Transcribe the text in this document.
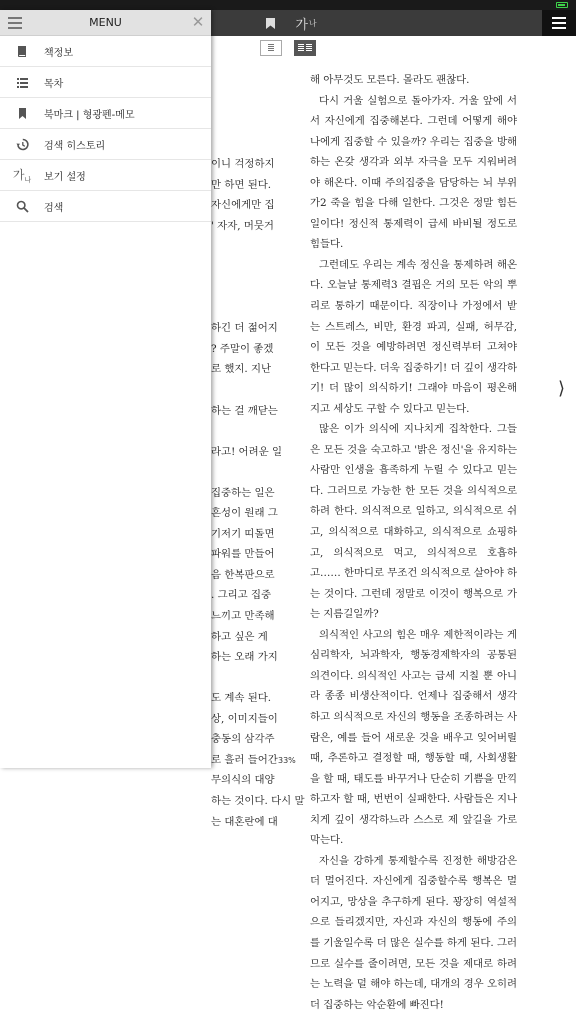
가 나
이니 걱정하지
만 하면 된다.
자신에게만 집
' 자자, 머뭇거
하긴 더 젊어지
? 주말이 좋겠
로 했지. 지난
하는 걸 깨닫는
라고! 어려운 일
집중하는 일은
흔성이 원래 그
기저기 띠돌면
파워를 만들어
음 한복판으로
. 그리고 집중
느끼고 만족해
하고 싶은 게
하는 오래 가지
도 계속 된다.
상, 이미지들이
충동의 삼각주
로 흘러 들어간
무의식의 대양
하는 것이다. 다시 말
는 대혼란에 대

해 아무것도 모른다. 몰라도 괜찮다.

다시 거울 실험으로 돌아가자. 거울 앞에 서서 자신에게 집중해본다. 그런데 어떻게 해야 나에게 집중할 수 있을까? 우리는 집중을 방해하는 온갖 생각과 외부 자극을 모두 지워버려야 해온다. 이때 주의집중을 담당하는 뇌 부위가2 죽을 힘을 다해 일한다. 그것은 정말 힘든 일이다! 정신적 통제력이 급세 바비될 정도로 힘들다.

그런데도 우리는 계속 정신을 통제하려 해온다. 오늘날 통제력3 결핍은 거의 모든 악의 뿌리로 통하기 때문이다. 직장이나 가정에서 받는 스트레스, 비만, 환경 파괴, 실패, 허무감, 이 모든 것을 예방하려면 정신력부터 고쳐야 한다고 믿는다. 더욱 집중하기! 더 깊이 생각하기! 더 많이 의식하기! 그래야 마음이 평온해지고 세상도 구할 수 있다고 믿는다.

많은 이가 의식에 지나치게 집착한다. 그들은 모든 것을 숙고하고 '밝은 정신'을 유지하는 사람만 인생을 흡족하게 누릴 수 있다고 믿는다. 그러므로 가능한 한 모든 것을 의식적으로 하려 한다. 의식적으로 일하고, 의식적으로 쉬고, 의식적으로 대화하고, 의식적으로 쇼핑하고, 의식적으로 먹고, 의식적으로 호흡하고…… 한마디로 무조건 의식적으로 살아야 하는 것이다. 그런데 정말로 이것이 행복으로 가는 지름길일까?

의식적인 사고의 힘은 매우 제한적이라는 게 심리학자, 뇌과학자, 행동경제학자의 공통된 의견이다. 의식적인 사고는 급세 지칠 뿐 아니라 종종 비생산적이다. 언제나 집중해서 생각하고 의식적으로 자신의 행동을 조종하려는 사람은, 예를 들어 새로운 것을 배우고 잊어버릴 때, 추론하고 결정할 때, 행동할 때, 사회생활을 할 때, 태도를 바꾸거나 단순히 기쁨을 만끽하고자 할 때, 번번이 실패한다. 사람들은 지나치게 깊이 생각하느라 스스로 제 앞길을 가로막는다.

자신을 강하게 통제할수록 진정한 해방감은 더 멀어진다. 자신에게 집중할수록 행복은 멀어지고, 망상을 추구하게 된다. 꽝장히 역설적으로 들리겠지만, 자신과 자신의 행동에 주의를 기울일수록 더 많은 실수를 하게 된다. 그러므로 실수를 줄이려면, 모든 것을 제대로 하려는 노력을 덜 해야 하는데, 대개의 경우 오히려 더 집중하는 악순환에 빠진다!

⟩
33%
MENU	✕
책정보
목차
북마크 | 형광펜-메모
검색 히스토리
가$_나$ 보기 설정
검색
